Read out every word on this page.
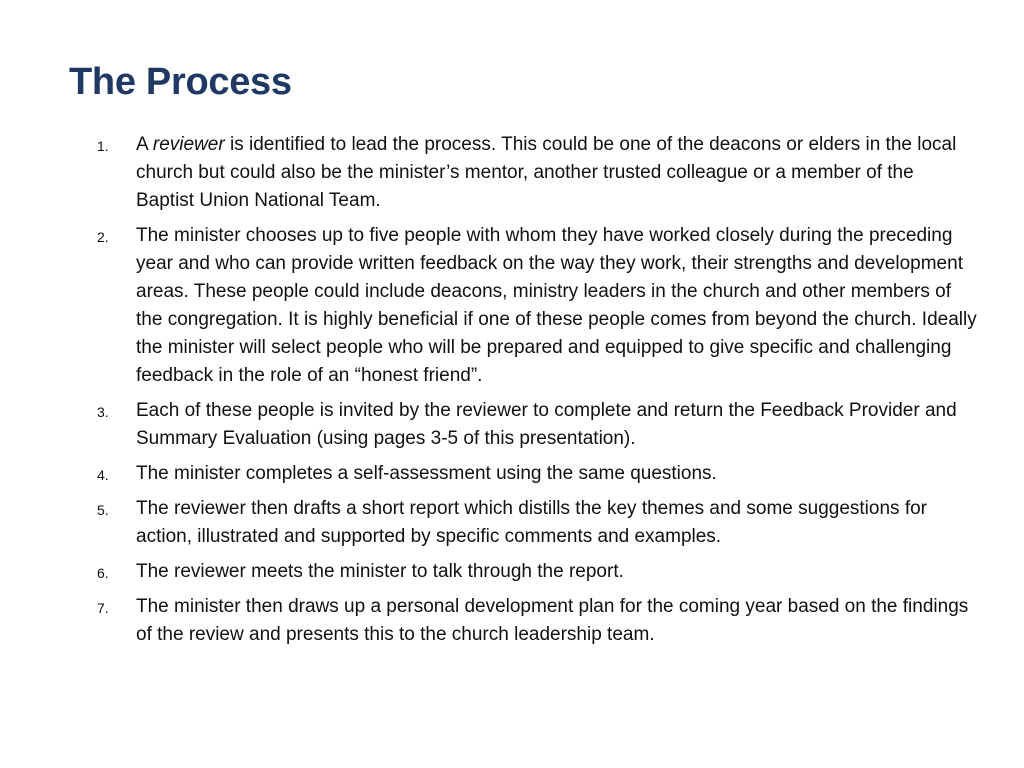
The Process
1. A reviewer is identified to lead the process. This could be one of the deacons or elders in the local church but could also be the minister’s mentor, another trusted colleague or a member of the Baptist Union National Team.
2. The minister chooses up to five people with whom they have worked closely during the preceding year and who can provide written feedback on the way they work, their strengths and development areas. These people could include deacons, ministry leaders in the church and other members of the congregation. It is highly beneficial if one of these people comes from beyond the church. Ideally the minister will select people who will be prepared and equipped to give specific and challenging feedback in the role of an “honest friend”.
3. Each of these people is invited by the reviewer to complete and return the Feedback Provider and Summary Evaluation (using pages 3-5 of this presentation).
4. The minister completes a self-assessment using the same questions.
5. The reviewer then drafts a short report which distills the key themes and some suggestions for action, illustrated and supported by specific comments and examples.
6. The reviewer meets the minister to talk through the report.
7. The minister then draws up a personal development plan for the coming year based on the findings of the review and presents this to the church leadership team.
